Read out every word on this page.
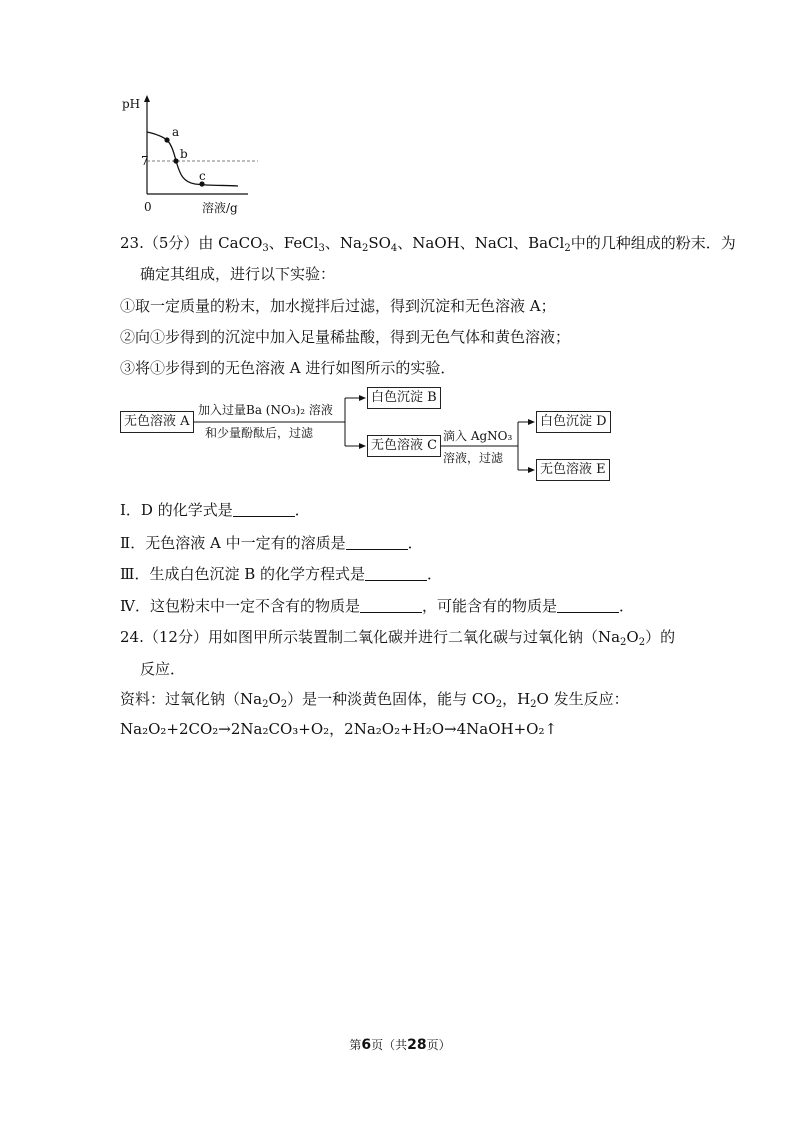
pH
7
0	溶液/g
a
b
c
23.（5分）由 CaCO$_3$、FeCl$_3$、$Na_2SO_4$、NaOH、NaCl、BaCl$_2$中的几种组成的粉末．为
确定其组成，进行以下实验：
①取一定质量的粉末，加水搅拌后过滤，得到沉淀和无色溶液 A；
②向①步得到的沉淀中加入足量稀盐酸，得到无色气体和黄色溶液；
③将①步得到的无色溶液 A 进行如图所示的实验．
无色溶液 A
加入过量Ba (NO₃)₂ 溶液
和少量酚酞后，过滤
白色沉淀 B
无色溶液 C
滴入 AgNO₃
溶液，过滤
白色沉淀 D
无色溶液 E
Ⅰ．D 的化学式是	．
Ⅱ．无色溶液 A 中一定有的溶质是	．
Ⅲ．生成白色沉淀 B 的化学方程式是	．
Ⅳ．这包粉末中一定不含有的物质是	，可能含有的物质是	．
24.（12分）用如图甲所示装置制二氧化碳并进行二氧化碳与过氧化钠$(Na_2O_2)$的
反应．
资料：过氧化钠$(Na_2O_2)$是一种淡黄色固体，能与 $CO_2$，$H_2O$ 发生反应：
Na₂O₂+2CO₂→2Na₂CO₃+O₂，2Na₂O₂+H₂O→4NaOH+O₂↑
第6页（共28页）
